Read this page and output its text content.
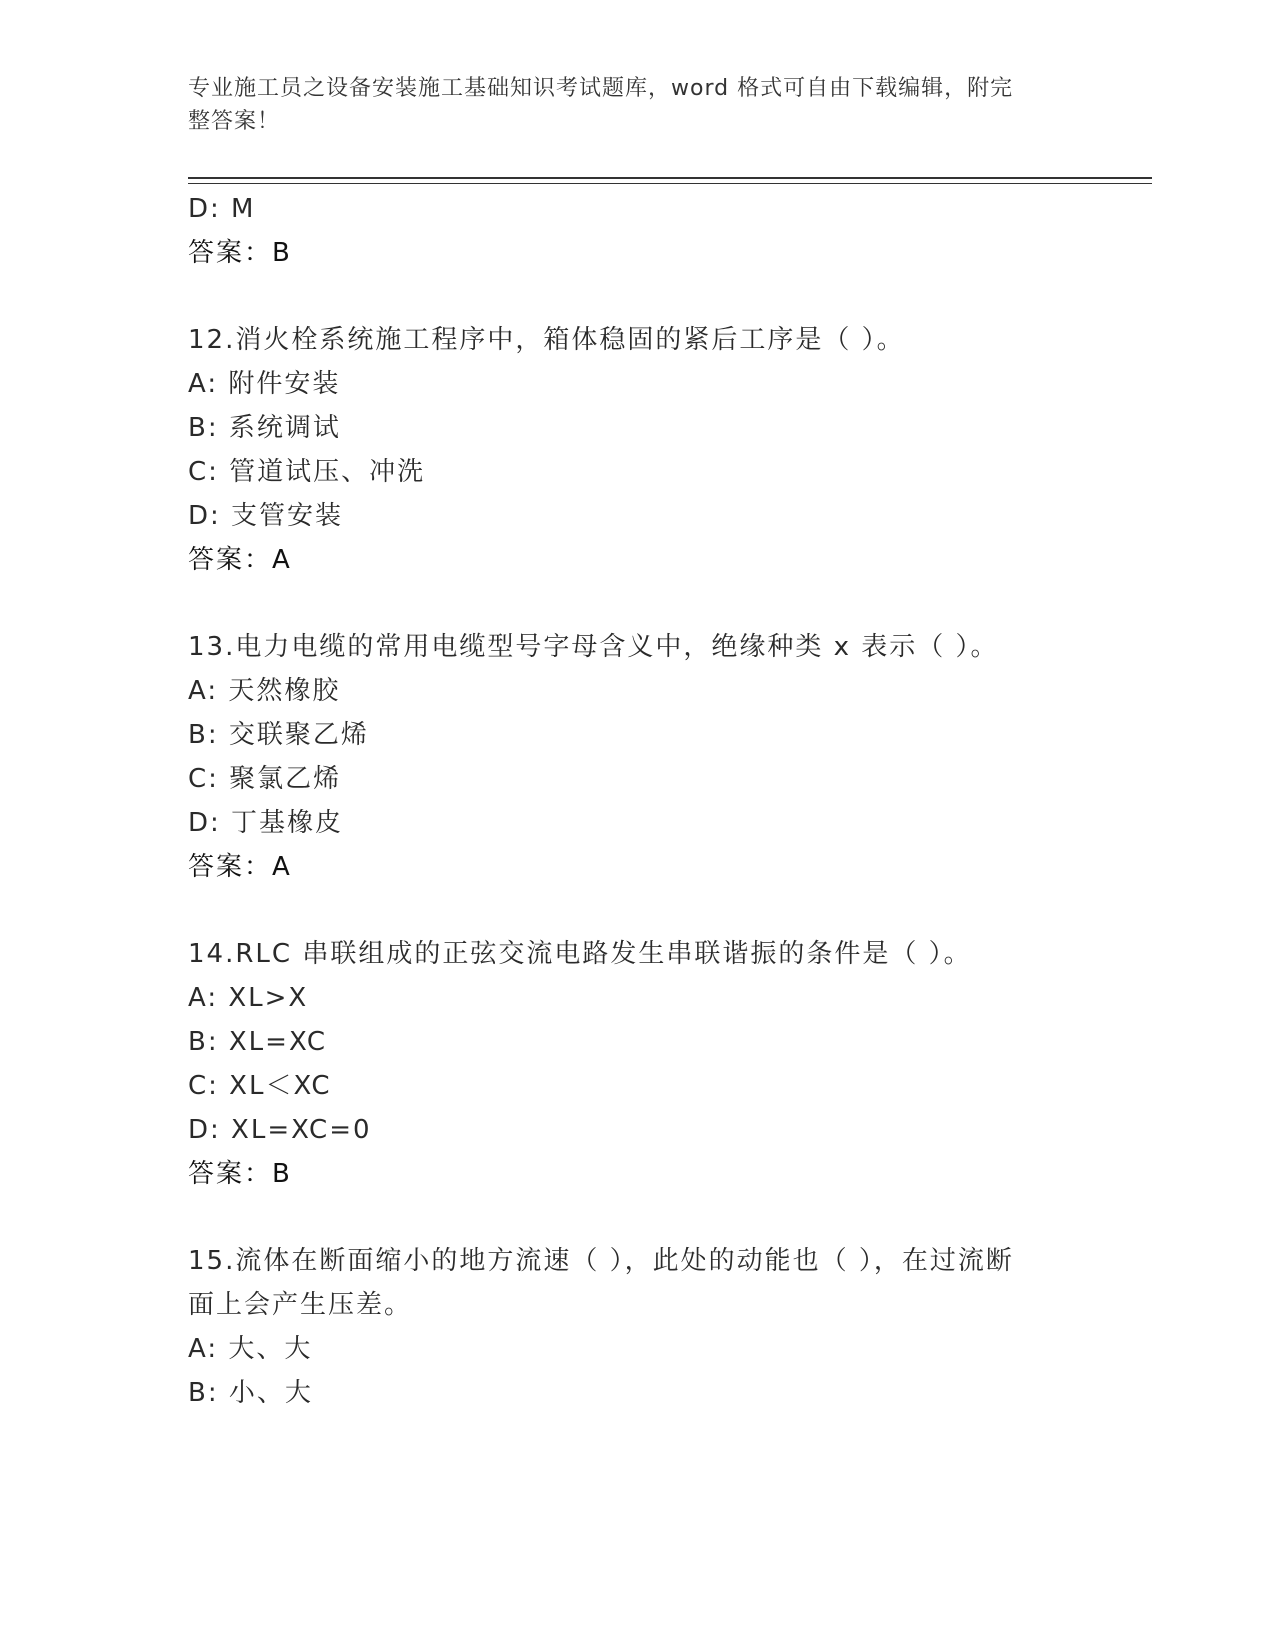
专业施工员之设备安装施工基础知识考试题库，word 格式可自由下载编辑，附完
整答案！
D: M
答案：B
12.消火栓系统施工程序中，箱体稳固的紧后工序是（ ）。
A: 附件安装
B: 系统调试
C: 管道试压、冲洗
D: 支管安装
答案：A
13.电力电缆的常用电缆型号字母含义中，绝缘种类 x 表示（ ）。
A: 天然橡胶
B: 交联聚乙烯
C: 聚氯乙烯
D: 丁基橡皮
答案：A
14.RLC 串联组成的正弦交流电路发生串联谐振的条件是（ ）。
A: XL>X
B: XL=XC
C: XL＜XC
D: XL=XC=0
答案：B
15.流体在断面缩小的地方流速（ ），此处的动能也（ ），在过流断
面上会产生压差。
A: 大、大
B: 小、大
